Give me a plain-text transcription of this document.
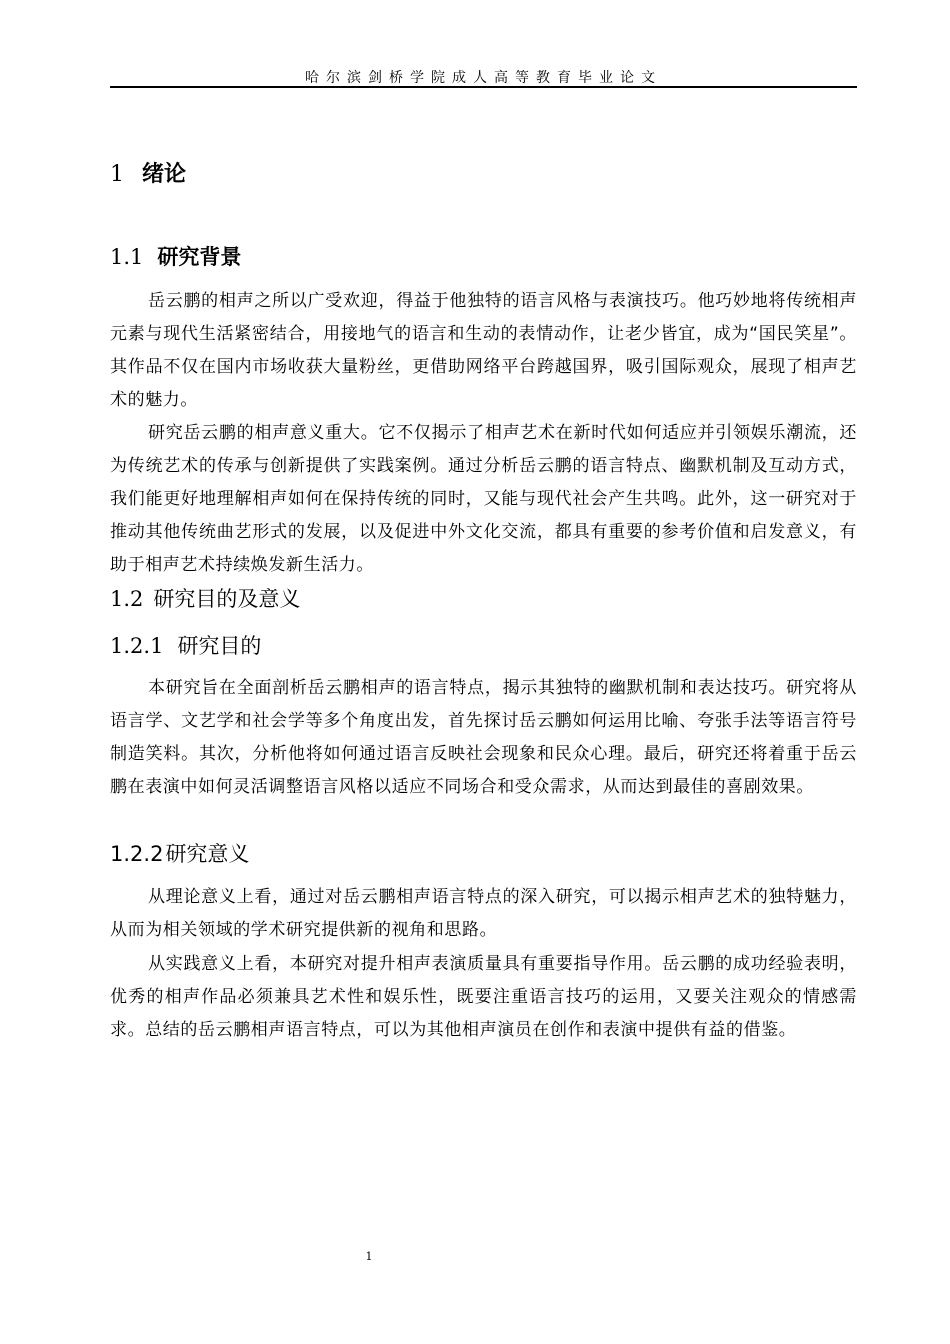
哈尔滨剑桥学院成人高等教育毕业论文
1 绪论
1.1 研究背景

岳云鹏的相声之所以广受欢迎，得益于他独特的语言风格与表演技巧。他巧妙地将传统相声元素与现代生活紧密结合，用接地气的语言和生动的表情动作，让老少皆宜，成为“国民笑星”。其作品不仅在国内市场收获大量粉丝，更借助网络平台跨越国界，吸引国际观众，展现了相声艺术的魅力。

研究岳云鹏的相声意义重大。它不仅揭示了相声艺术在新时代如何适应并引领娱乐潮流，还为传统艺术的传承与创新提供了实践案例。通过分析岳云鹏的语言特点、幽默机制及互动方式，我们能更好地理解相声如何在保持传统的同时，又能与现代社会产生共鸣。此外，这一研究对于推动其他传统曲艺形式的发展，以及促进中外文化交流，都具有重要的参考价值和启发意义，有助于相声艺术持续焕发新生活力。

1.2 研究目的及意义
1.2.1 研究目的

本研究旨在全面剖析岳云鹏相声的语言特点，揭示其独特的幽默机制和表达技巧。研究将从语言学、文艺学和社会学等多个角度出发，首先探讨岳云鹏如何运用比喻、夸张手法等语言符号制造笑料。其次，分析他将如何通过语言反映社会现象和民众心理。最后，研究还将着重于岳云鹏在表演中如何灵活调整语言风格以适应不同场合和受众需求，从而达到最佳的喜剧效果。

1.2.2研究意义

从理论意义上看，通过对岳云鹏相声语言特点的深入研究，可以揭示相声艺术的独特魅力，从而为相关领域的学术研究提供新的视角和思路。

从实践意义上看，本研究对提升相声表演质量具有重要指导作用。岳云鹏的成功经验表明，优秀的相声作品必须兼具艺术性和娱乐性，既要注重语言技巧的运用，又要关注观众的情感需求。总结的岳云鹏相声语言特点，可以为其他相声演员在创作和表演中提供有益的借鉴。

1
